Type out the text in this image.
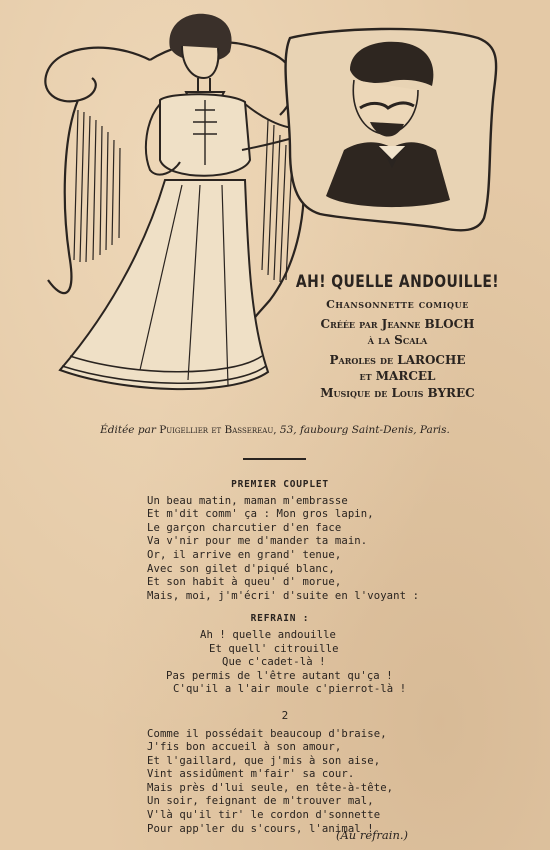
AH! QUELLE ANDOUILLE!
Chansonnette comique
Créée par Jeanne BLOCH
à la Scala
Paroles de LAROCHE
et MARCEL
Musique de Louis BYREC
Éditée par Puigellier et Bassereau, 53, faubourg Saint-Denis, Paris.
PREMIER COUPLET
Un beau matin, maman m'embrasse
Et m'dit comm' ça : Mon gros lapin,
Le garçon charcutier d'en face
Va v'nir pour me d'mander ta main.
Or, il arrive en grand' tenue,
Avec son gilet d'piqué blanc,
Et son habit à queu' d' morue,
Mais, moi, j'm'écri' d'suite en l'voyant :
REFRAIN :
Ah ! quelle andouille
Et quell' citrouille
Que c'cadet-là !
Pas permis de l'être autant qu'ça !
C'qu'il a l'air moule c'pierrot-là !
2
Comme il possédait beaucoup d'braise,
J'fis bon accueil à son amour,
Et l'gaillard, que j'mis à son aise,
Vint assidûment m'fair' sa cour.
Mais près d'lui seule, en tête-à-tête,
Un soir, feignant de m'trouver mal,
V'là qu'il tir' le cordon d'sonnette
Pour app'ler du s'cours, l'animal !
(Au refrain.)
